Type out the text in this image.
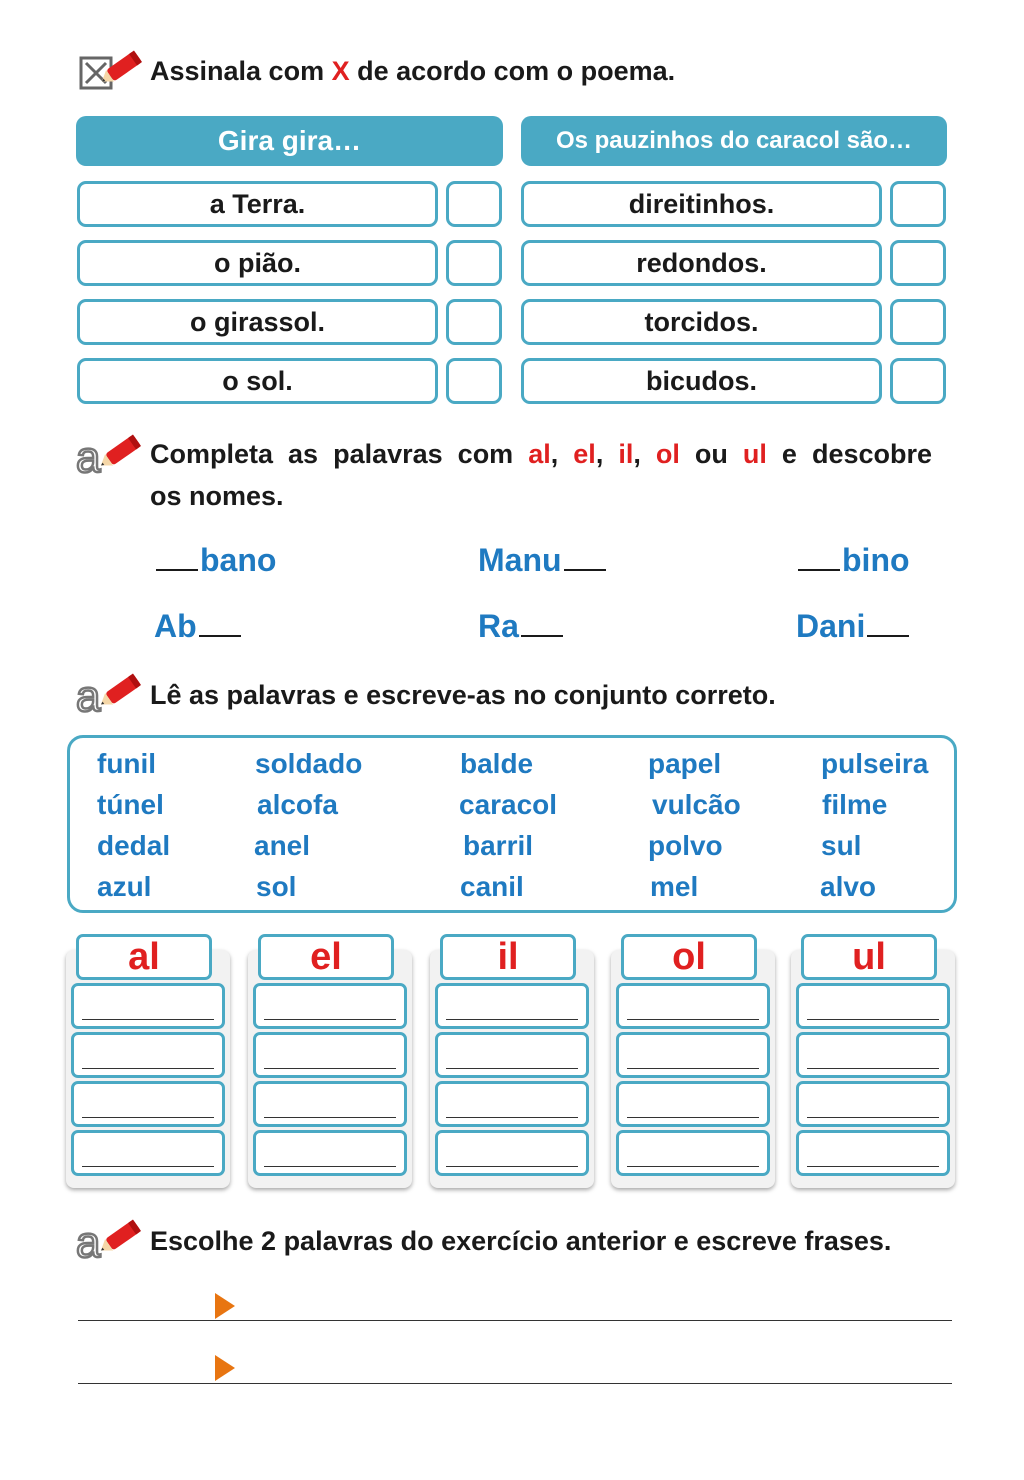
Assinala com X de acordo com o poema.
Gira gira…	Os pauzinhos do caracol são…
a Terra.
o pião.
o girassol.
o sol.
direitinhos.
redondos.
torcidos.
bicudos.
a Completa as palavras com al, el, il, ol ou ul e descobre
os nomes.
bano	Manu	bino
Ab	Ra	Dani
a Lê as palavras e escreve-as no conjunto correto.
funil	soldado	balde	papel	pulseira
túnel	alcofa	caracol	vulcão	filme
dedal	anel	barril	polvo	sul
azul	sol	canil	mel	alvo
al	el	il	ol	ul
a Escolhe 2 palavras do exercício anterior e escreve frases.
